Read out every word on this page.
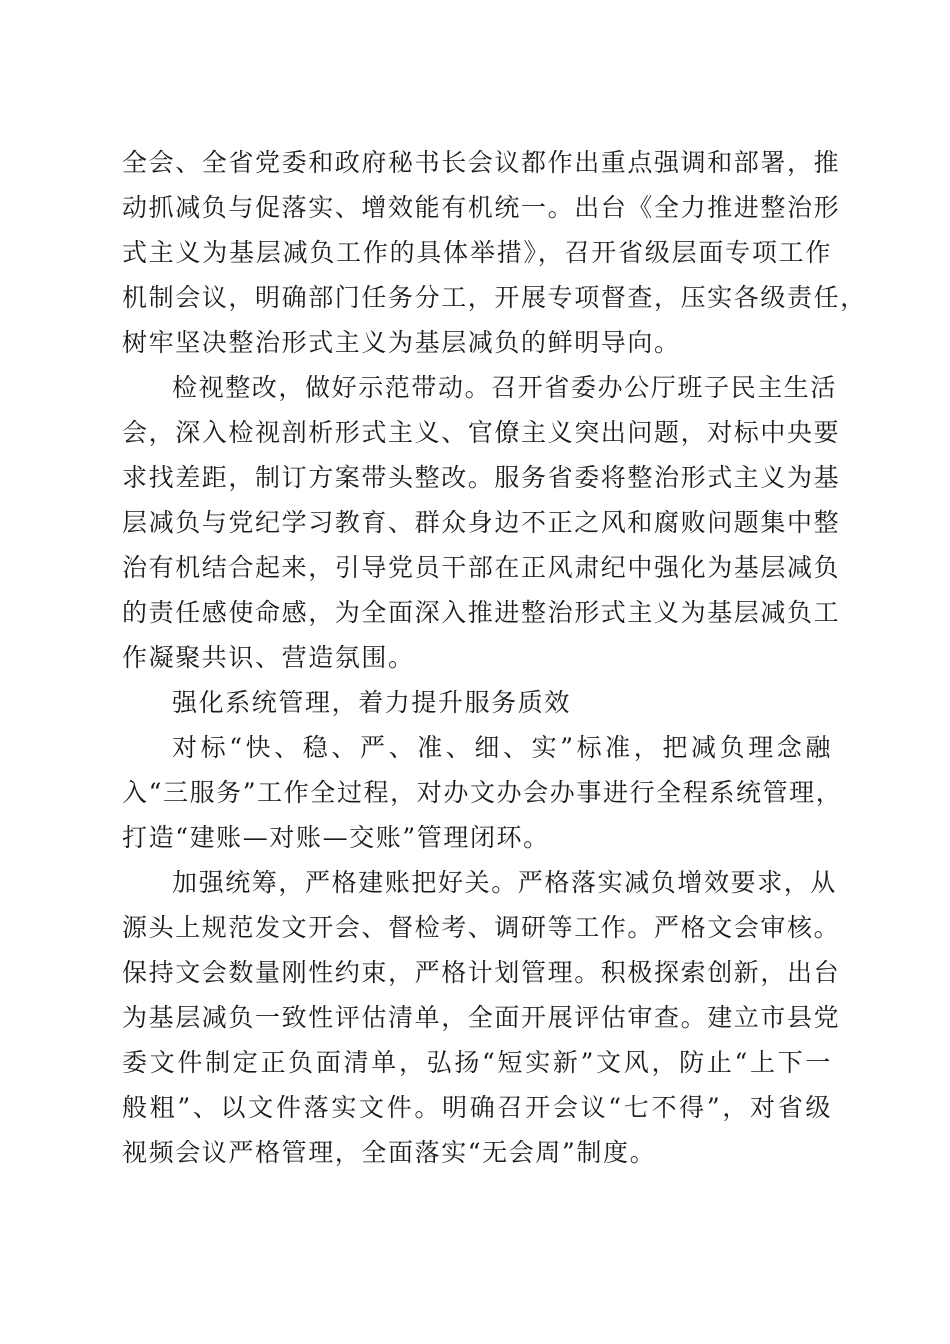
全会、全省党委和政府秘书长会议都作出重点强调和部署，推
动抓减负与促落实、增效能有机统一。出台《全力推进整治形
式主义为基层减负工作的具体举措》，召开省级层面专项工作
机制会议，明确部门任务分工，开展专项督查，压实各级责任，
树牢坚决整治形式主义为基层减负的鲜明导向。
检视整改，做好示范带动。召开省委办公厅班子民主生活
会，深入检视剖析形式主义、官僚主义突出问题，对标中央要
求找差距，制订方案带头整改。服务省委将整治形式主义为基
层减负与党纪学习教育、群众身边不正之风和腐败问题集中整
治有机结合起来，引导党员干部在正风肃纪中强化为基层减负
的责任感使命感，为全面深入推进整治形式主义为基层减负工
作凝聚共识、营造氛围。
强化系统管理，着力提升服务质效
对标“快、稳、严、准、细、实”标准，把减负理念融
入“三服务”工作全过程，对办文办会办事进行全程系统管理，
打造“建账—对账—交账”管理闭环。
加强统筹，严格建账把好关。严格落实减负增效要求，从
源头上规范发文开会、督检考、调研等工作。严格文会审核。
保持文会数量刚性约束，严格计划管理。积极探索创新，出台
为基层减负一致性评估清单，全面开展评估审查。建立市县党
委文件制定正负面清单，弘扬“短实新”文风，防止“上下一
般粗”、以文件落实文件。明确召开会议“七不得”，对省级
视频会议严格管理，全面落实“无会周”制度。
